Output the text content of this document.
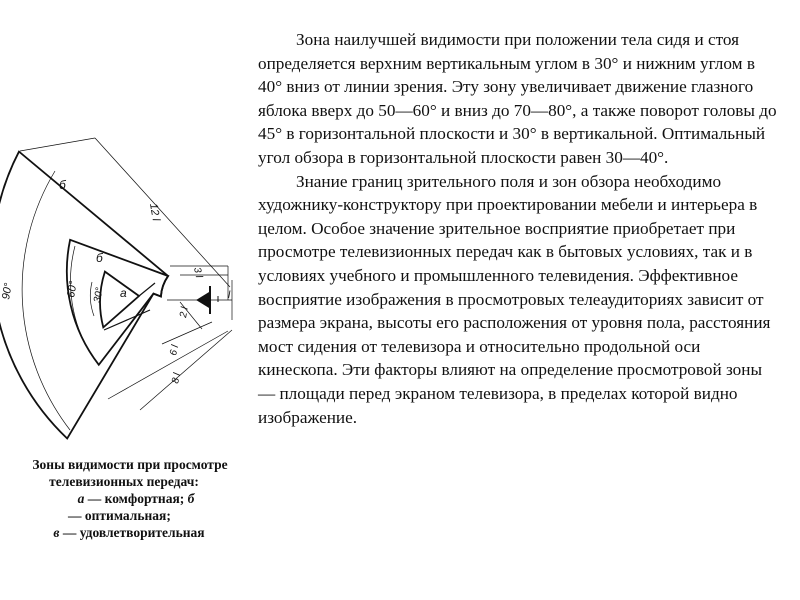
90°	60° 30°
б
б
а
12 l
3 l
2 l
6 l
8 l
l
Зоны видимости при просмотре телевизионных передач:
а — комфортная; б
— оптимальная;
в — удовлетворительная

Зона наилучшей видимости при положении тела сидя и стоя определяется верхним вертикальным углом в 30° и нижним углом в 40° вниз от линии зрения. Эту зону увеличивает движение глазного яблока вверх до 50—60° и вниз до 70—80°, а также поворот головы до 45° в горизонтальной плоскости и 30° в вертикальной. Оптимальный угол обзора в горизонтальной плоскости равен 30—40°.

Знание границ зрительного поля и зон обзора необходимо художнику-конструктору при проектировании мебели и интерьера в целом. Особое значение зрительное восприятие приобретает при просмотре телевизионных передач как в бытовых условиях, так и в условиях учебного и промышленного телевидения. Эффективное восприятие изображения в просмотровых телеаудиториях зависит от размера экрана, высоты его расположения от уровня пола, расстояния мост сидения от телевизора и относительно продольной оси кинескопа. Эти факторы влияют на определение просмотровой зоны — площади перед экраном телевизора, в пределах которой видно изображение.
